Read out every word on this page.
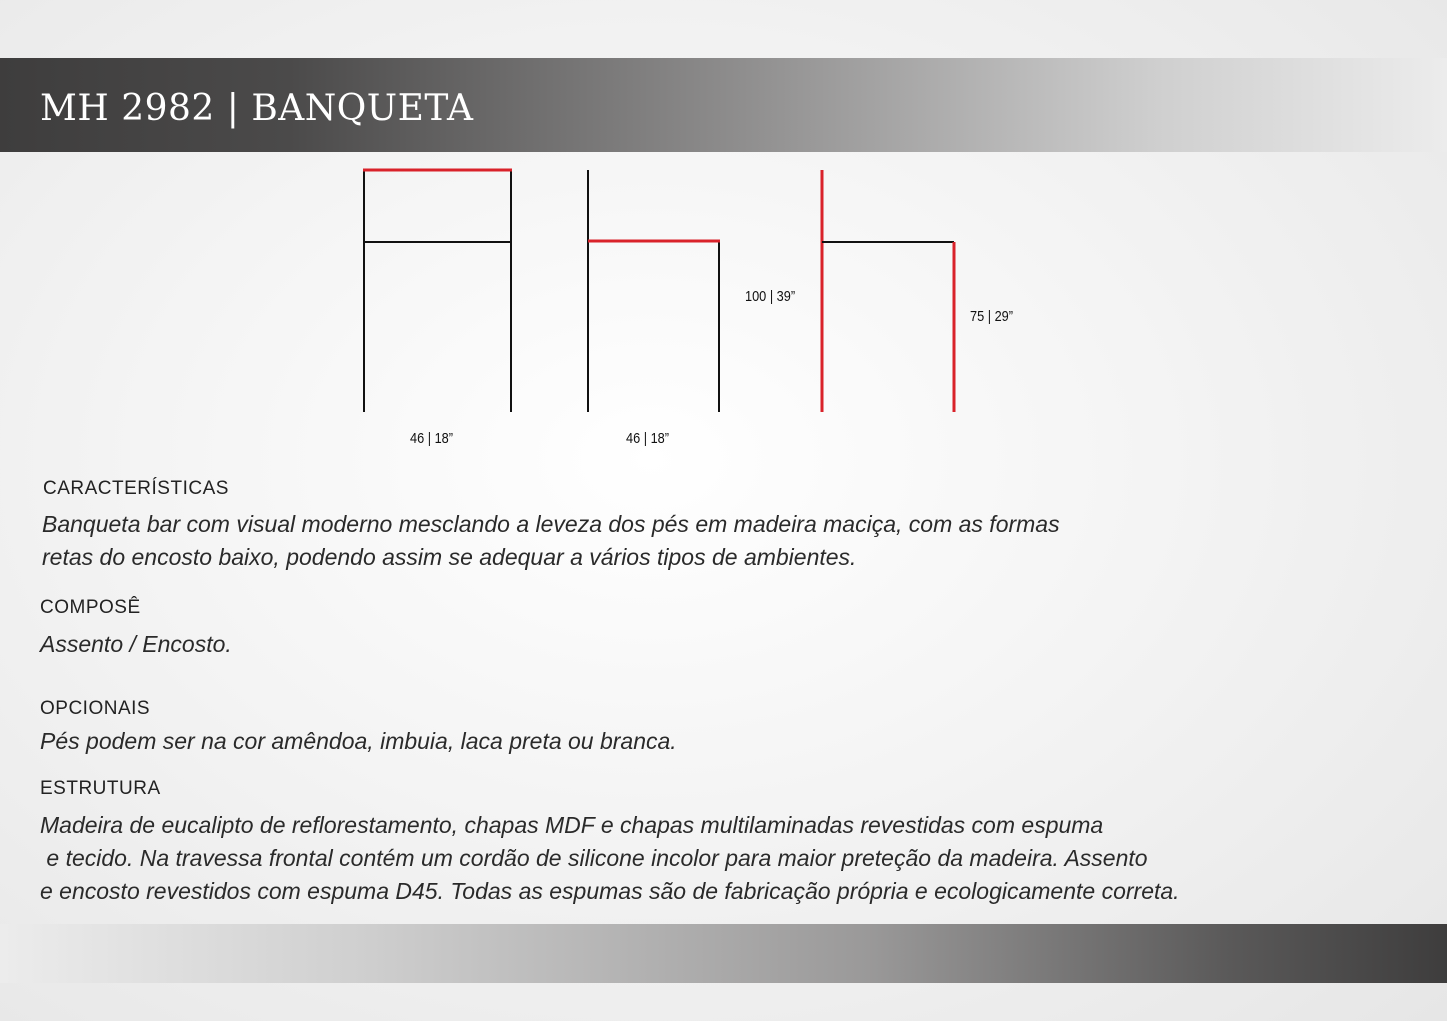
MH 2982 | BANQUETA
46 | 18”	46 | 18”
100 | 39”
75 | 29”
CARACTERÍSTICAS
Banqueta bar com visual moderno mesclando a leveza dos pés em madeira maciça, com as formas
retas do encosto baixo, podendo assim se adequar a vários tipos de ambientes.
COMPOSÊ
Assento / Encosto.
OPCIONAIS
Pés podem ser na cor amêndoa, imbuia, laca preta ou branca.
ESTRUTURA
Madeira de eucalipto de reflorestamento, chapas MDF e chapas multilaminadas revestidas com espuma
e tecido. Na travessa frontal contém um cordão de silicone incolor para maior preteção da madeira. Assento
e encosto revestidos com espuma D45. Todas as espumas são de fabricação própria e ecologicamente correta.
